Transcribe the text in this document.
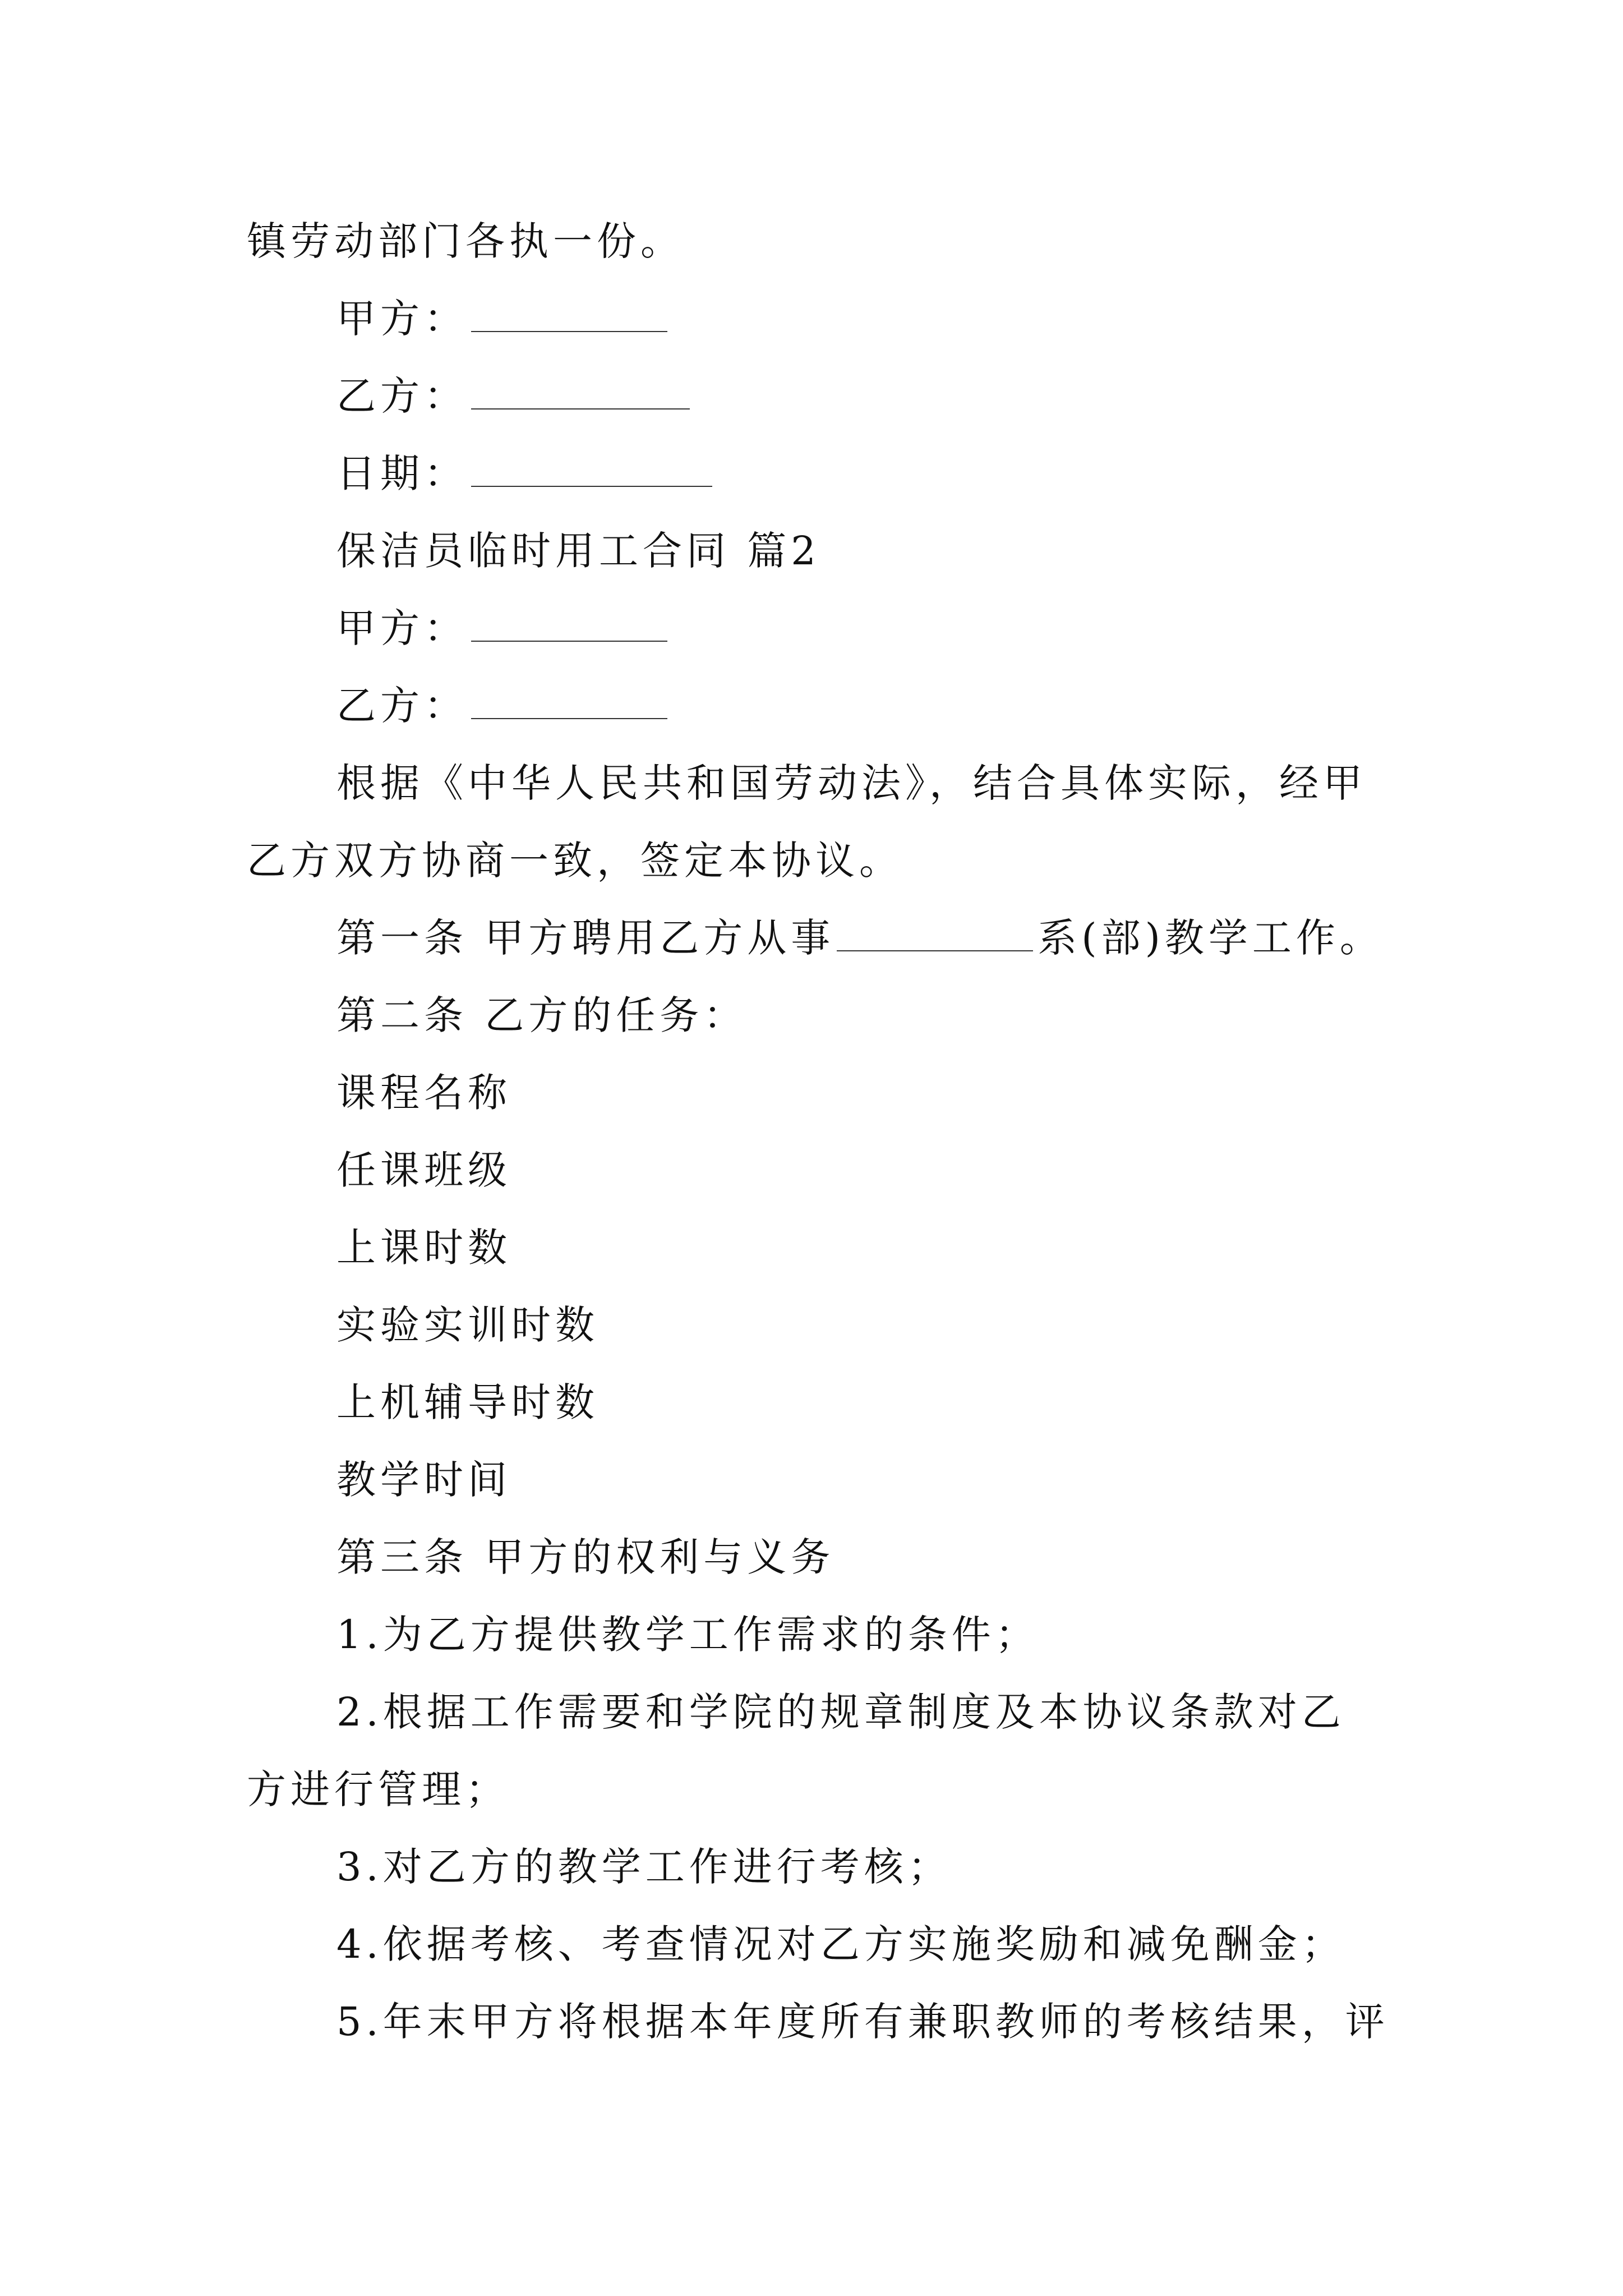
镇劳动部门各执一份。
甲方：
乙方：
日期：
保洁员临时用工合同 篇2
甲方：
乙方：
根据《中华人民共和国劳动法》，结合具体实际，经甲
乙方双方协商一致，签定本协议。
第一条 甲方聘用乙方从事	系(部)教学工作。
第二条 乙方的任务：
课程名称
任课班级
上课时数
实验实训时数
上机辅导时数
教学时间
第三条 甲方的权利与义务
1.为乙方提供教学工作需求的条件；
2.根据工作需要和学院的规章制度及本协议条款对乙
方进行管理；
3.对乙方的教学工作进行考核；
4.依据考核、考查情况对乙方实施奖励和减免酬金；
5.年末甲方将根据本年度所有兼职教师的考核结果，评
